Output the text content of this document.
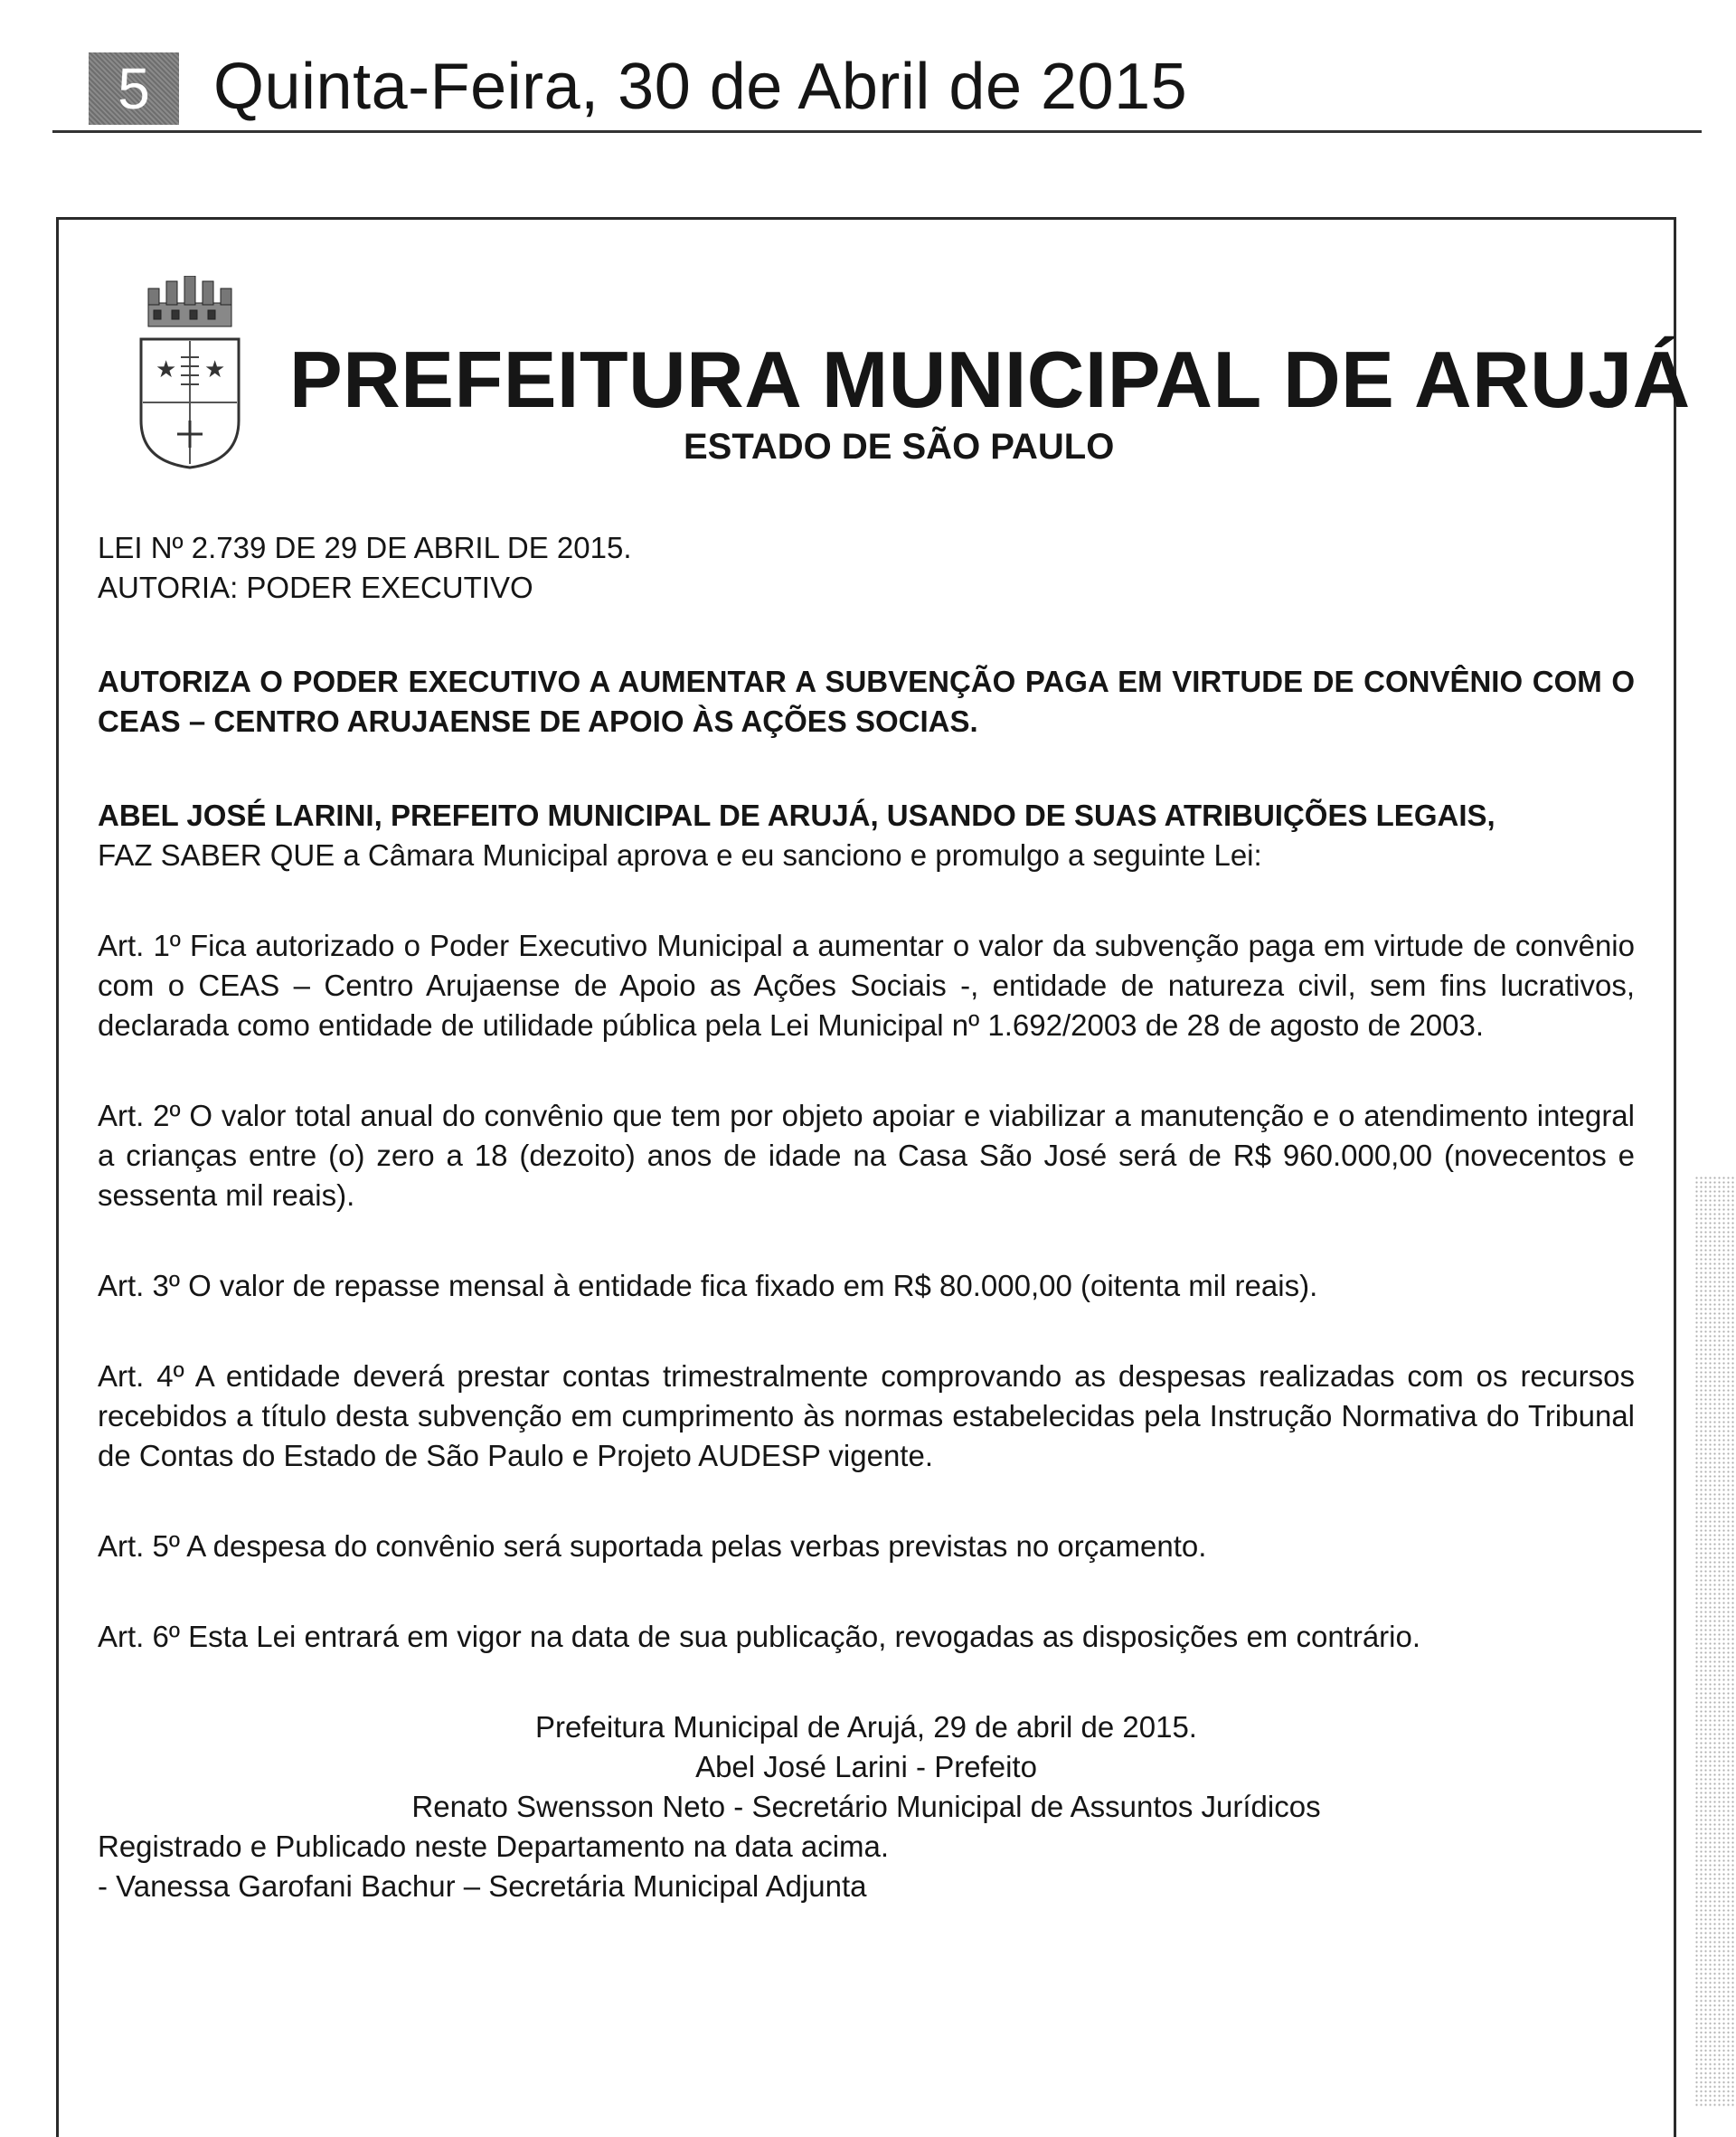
5 Quinta-Feira, 30 de Abril de 2015
★ ★ PREFEITURA MUNICIPAL DE ARUJÁ
ESTADO DE SÃO PAULO

LEI Nº 2.739 DE 29 DE ABRIL DE 2015.
AUTORIA: PODER EXECUTIVO

AUTORIZA O PODER EXECUTIVO A AUMENTAR A SUBVENÇÃO PAGA EM VIRTUDE DE CONVÊNIO COM O CEAS – CENTRO ARUJAENSE DE APOIO ÀS AÇÕES SOCIAS.

ABEL JOSÉ LARINI, PREFEITO MUNICIPAL DE ARUJÁ, USANDO DE SUAS ATRIBUIÇÕES LEGAIS,
FAZ SABER QUE a Câmara Municipal aprova e eu sanciono e promulgo a seguinte Lei:

Art. 1º Fica autorizado o Poder Executivo Municipal a aumentar o valor da subvenção paga em virtude de convênio com o CEAS – Centro Arujaense de Apoio as Ações Sociais -, entidade de natureza civil, sem fins lucrativos, declarada como entidade de utilidade pública pela Lei Municipal nº 1.692/2003 de 28 de agosto de 2003.

Art. 2º O valor total anual do convênio que tem por objeto apoiar e viabilizar a manutenção e o atendimento integral a crianças entre (o) zero a 18 (dezoito) anos de idade na Casa São José será de R$ 960.000,00 (novecentos e sessenta mil reais).

Art. 3º O valor de repasse mensal à entidade fica fixado em R$ 80.000,00 (oitenta mil reais).

Art. 4º A entidade deverá prestar contas trimestralmente comprovando as despesas realizadas com os recursos recebidos a título desta subvenção em cumprimento às normas estabelecidas pela Instrução Normativa do Tribunal de Contas do Estado de São Paulo e Projeto AUDESP vigente.

Art. 5º A despesa do convênio será suportada pelas verbas previstas no orçamento.

Art. 6º Esta Lei entrará em vigor na data de sua publicação, revogadas as disposições em contrário.

Prefeitura Municipal de Arujá, 29 de abril de 2015.
Abel José Larini - Prefeito
Renato Swensson Neto - Secretário Municipal de Assuntos Jurídicos
Registrado e Publicado neste Departamento na data acima.
- Vanessa Garofani Bachur – Secretária Municipal Adjunta
